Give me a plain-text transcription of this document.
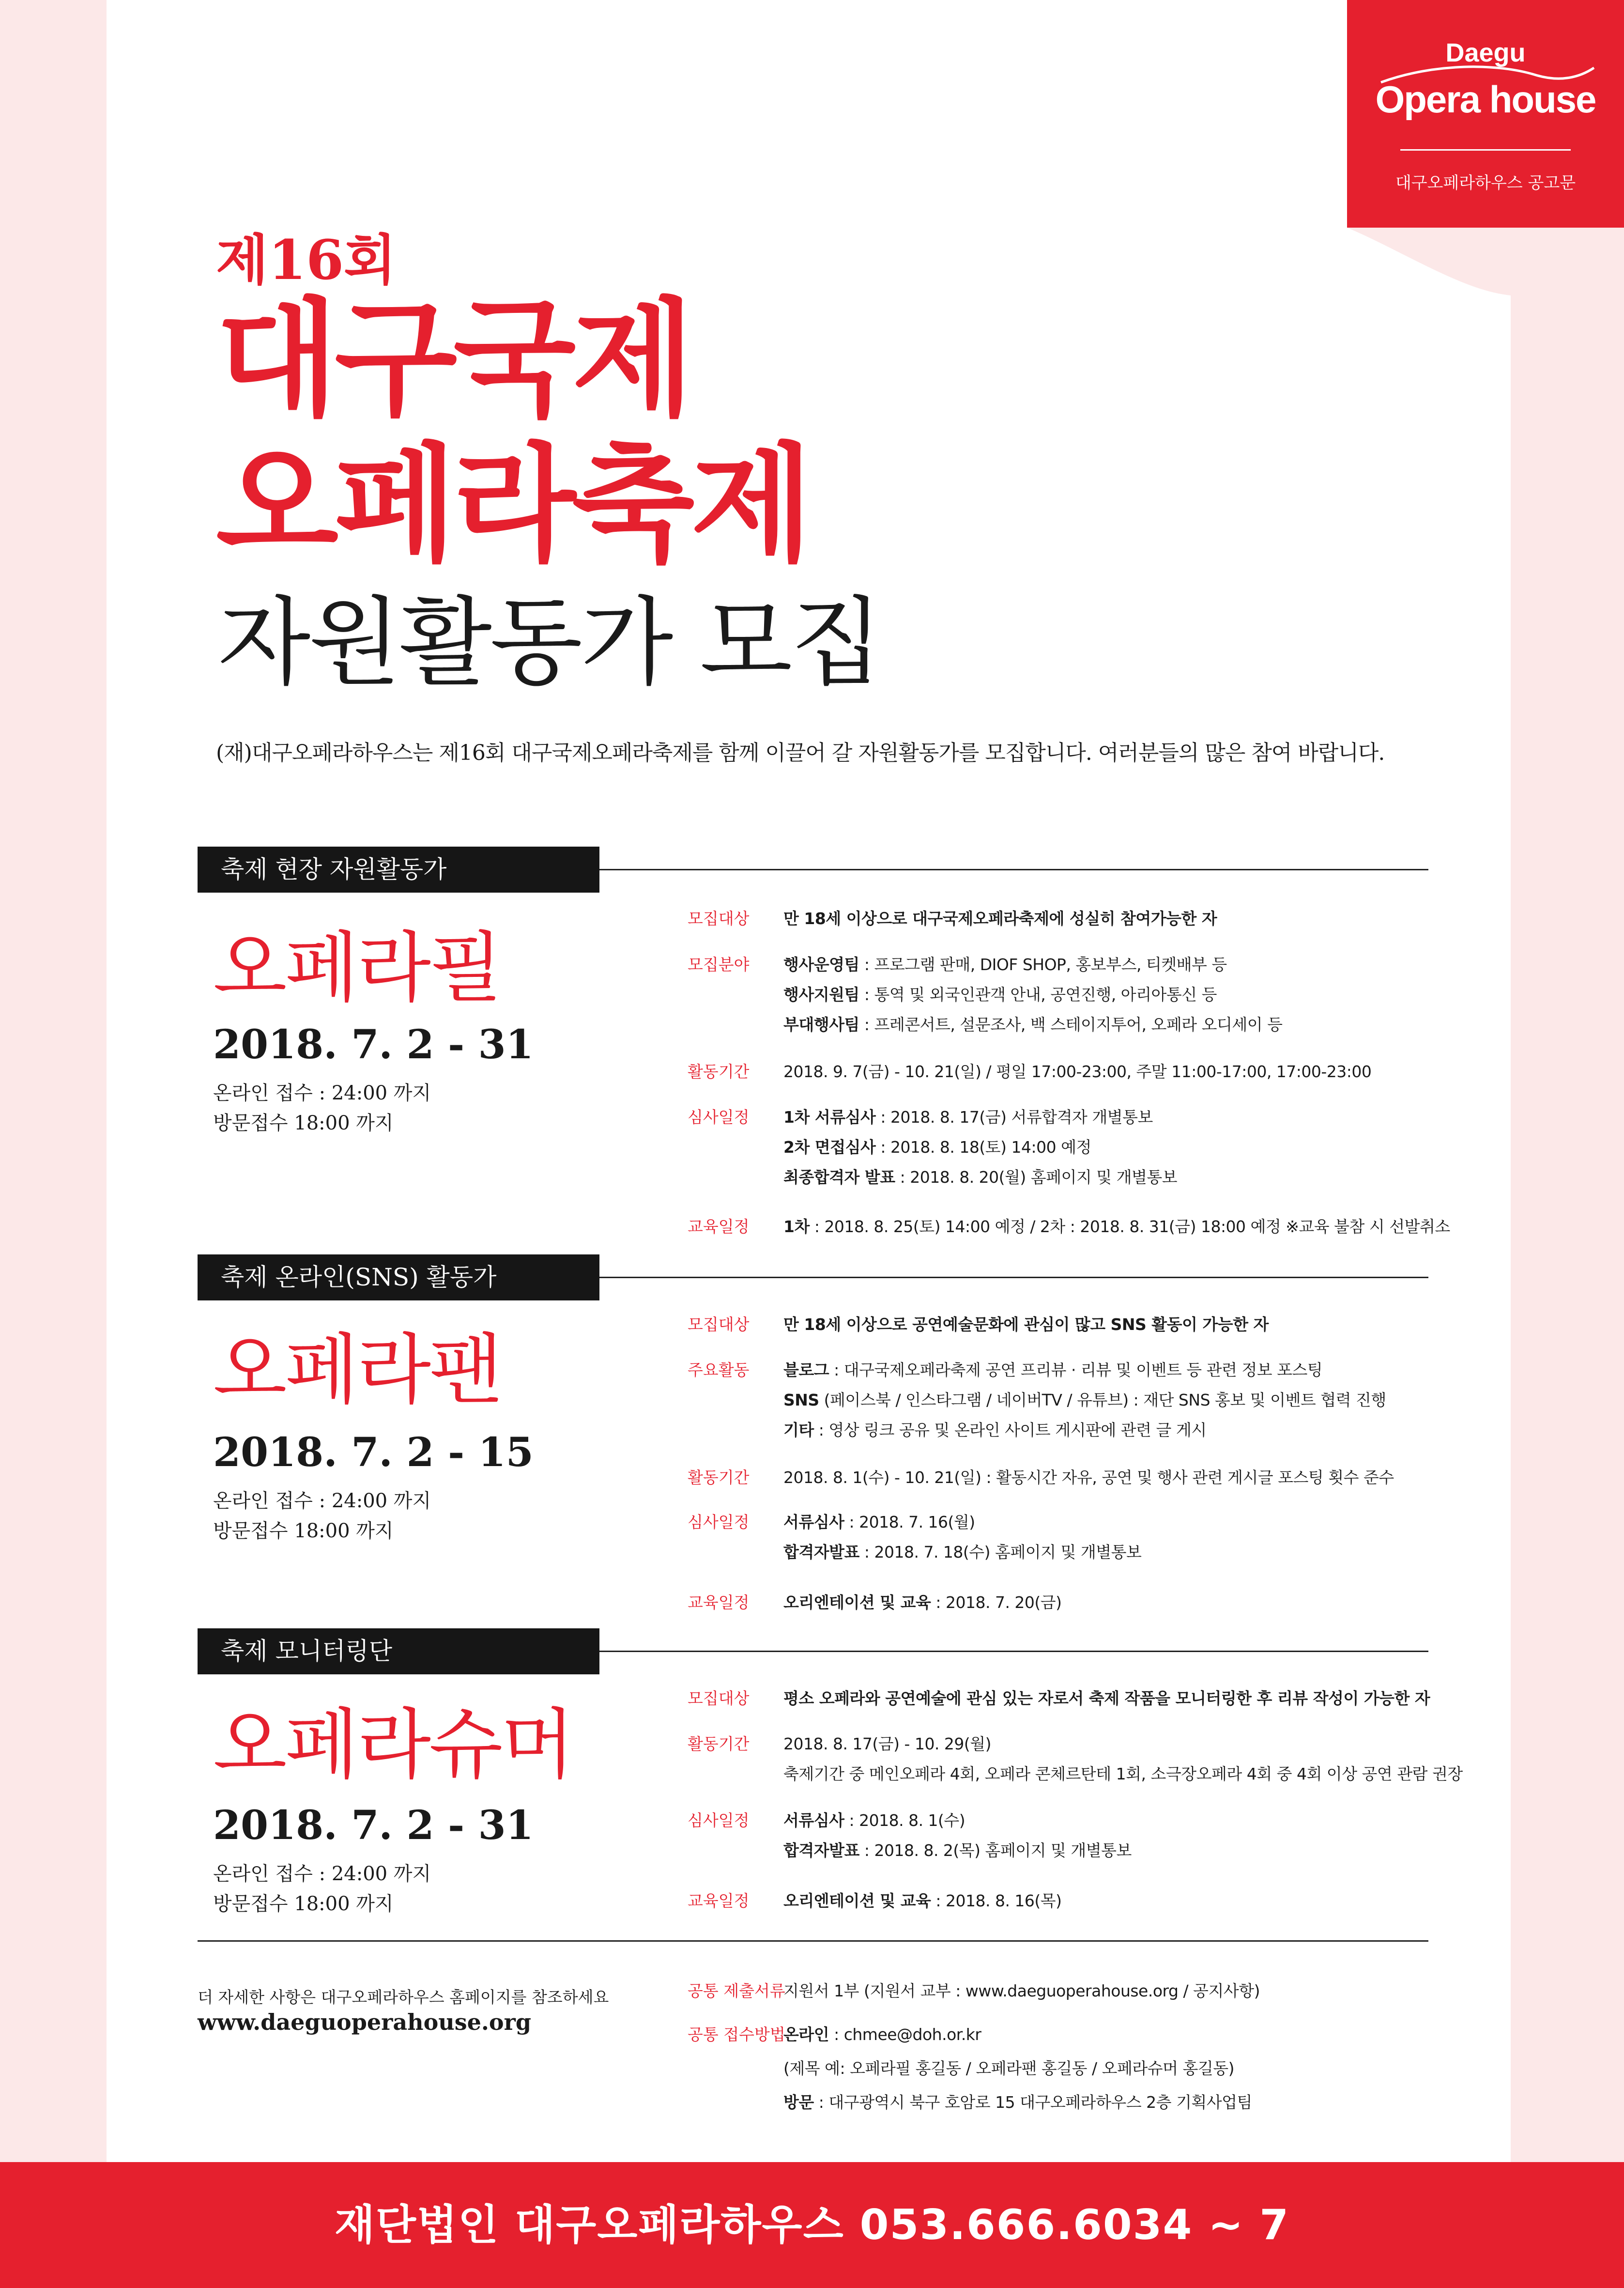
Daegu
Opera house
대구오페라하우스 공고문
제16회
대구국제
오페라축제
자원활동가 모집
(재)대구오페라하우스는 제16회 대구국제오페라축제를 함께 이끌어 갈 자원활동가를 모집합니다. 여러분들의 많은 참여 바랍니다.
축제 현장 자원활동가
오페라필
2018. 7. 2 - 31
온라인 접수 : 24:00 까지
방문접수 18:00 까지
모집대상 만 18세 이상으로 대구국제오페라축제에 성실히 참여가능한 자
모집분야 행사운영팀 : 프로그램 판매, DIOF SHOP, 홍보부스, 티켓배부 등
행사지원팀 : 통역 및 외국인관객 안내, 공연진행, 아리아통신 등
부대행사팀 : 프레콘서트, 설문조사, 백 스테이지투어, 오페라 오디세이 등
활동기간 2018. 9. 7(금) - 10. 21(일) / 평일 17:00-23:00, 주말 11:00-17:00, 17:00-23:00
심사일정 1차 서류심사 : 2018. 8. 17(금) 서류합격자 개별통보
2차 면접심사 : 2018. 8. 18(토) 14:00 예정
최종합격자 발표 : 2018. 8. 20(월) 홈페이지 및 개별통보
교육일정 1차 : 2018. 8. 25(토) 14:00 예정 / 2차 : 2018. 8. 31(금) 18:00 예정 ※교육 불참 시 선발취소
축제 온라인(SNS) 활동가
오페라팬
2018. 7. 2 - 15
온라인 접수 : 24:00 까지
방문접수 18:00 까지
모집대상 만 18세 이상으로 공연예술문화에 관심이 많고 SNS 활동이 가능한 자
주요활동 블로그 : 대구국제오페라축제 공연 프리뷰 · 리뷰 및 이벤트 등 관련 정보 포스팅
SNS (페이스북 / 인스타그램 / 네이버TV / 유튜브) : 재단 SNS 홍보 및 이벤트 협력 진행
기타 : 영상 링크 공유 및 온라인 사이트 게시판에 관련 글 게시
활동기간 2018. 8. 1(수) - 10. 21(일) : 활동시간 자유, 공연 및 행사 관련 게시글 포스팅 횟수 준수
심사일정 서류심사 : 2018. 7. 16(월)
합격자발표 : 2018. 7. 18(수) 홈페이지 및 개별통보
교육일정 오리엔테이션 및 교육 : 2018. 7. 20(금)
축제 모니터링단
오페라슈머
2018. 7. 2 - 31
온라인 접수 : 24:00 까지
방문접수 18:00 까지
모집대상 평소 오페라와 공연예술에 관심 있는 자로서 축제 작품을 모니터링한 후 리뷰 작성이 가능한 자
활동기간 2018. 8. 17(금) - 10. 29(월)
축제기간 중 메인오페라 4회, 오페라 콘체르탄테 1회, 소극장오페라 4회 중 4회 이상 공연 관람 권장
심사일정 서류심사 : 2018. 8. 1(수)
합격자발표 : 2018. 8. 2(목) 홈페이지 및 개별통보
교육일정 오리엔테이션 및 교육 : 2018. 8. 16(목)
더 자세한 사항은 대구오페라하우스 홈페이지를 참조하세요
www.daeguoperahouse.org
공통 제출서류
지원서 1부 (지원서 교부 : www.daeguoperahouse.org / 공지사항)
공통 접수방법
온라인 : chmee@doh.or.kr
(제목 예: 오페라필 홍길동 / 오페라팬 홍길동 / 오페라슈머 홍길동)
방문 : 대구광역시 북구 호암로 15 대구오페라하우스 2층 기획사업팀
재단법인 대구오페라하우스 053.666.6034 ~ 7
